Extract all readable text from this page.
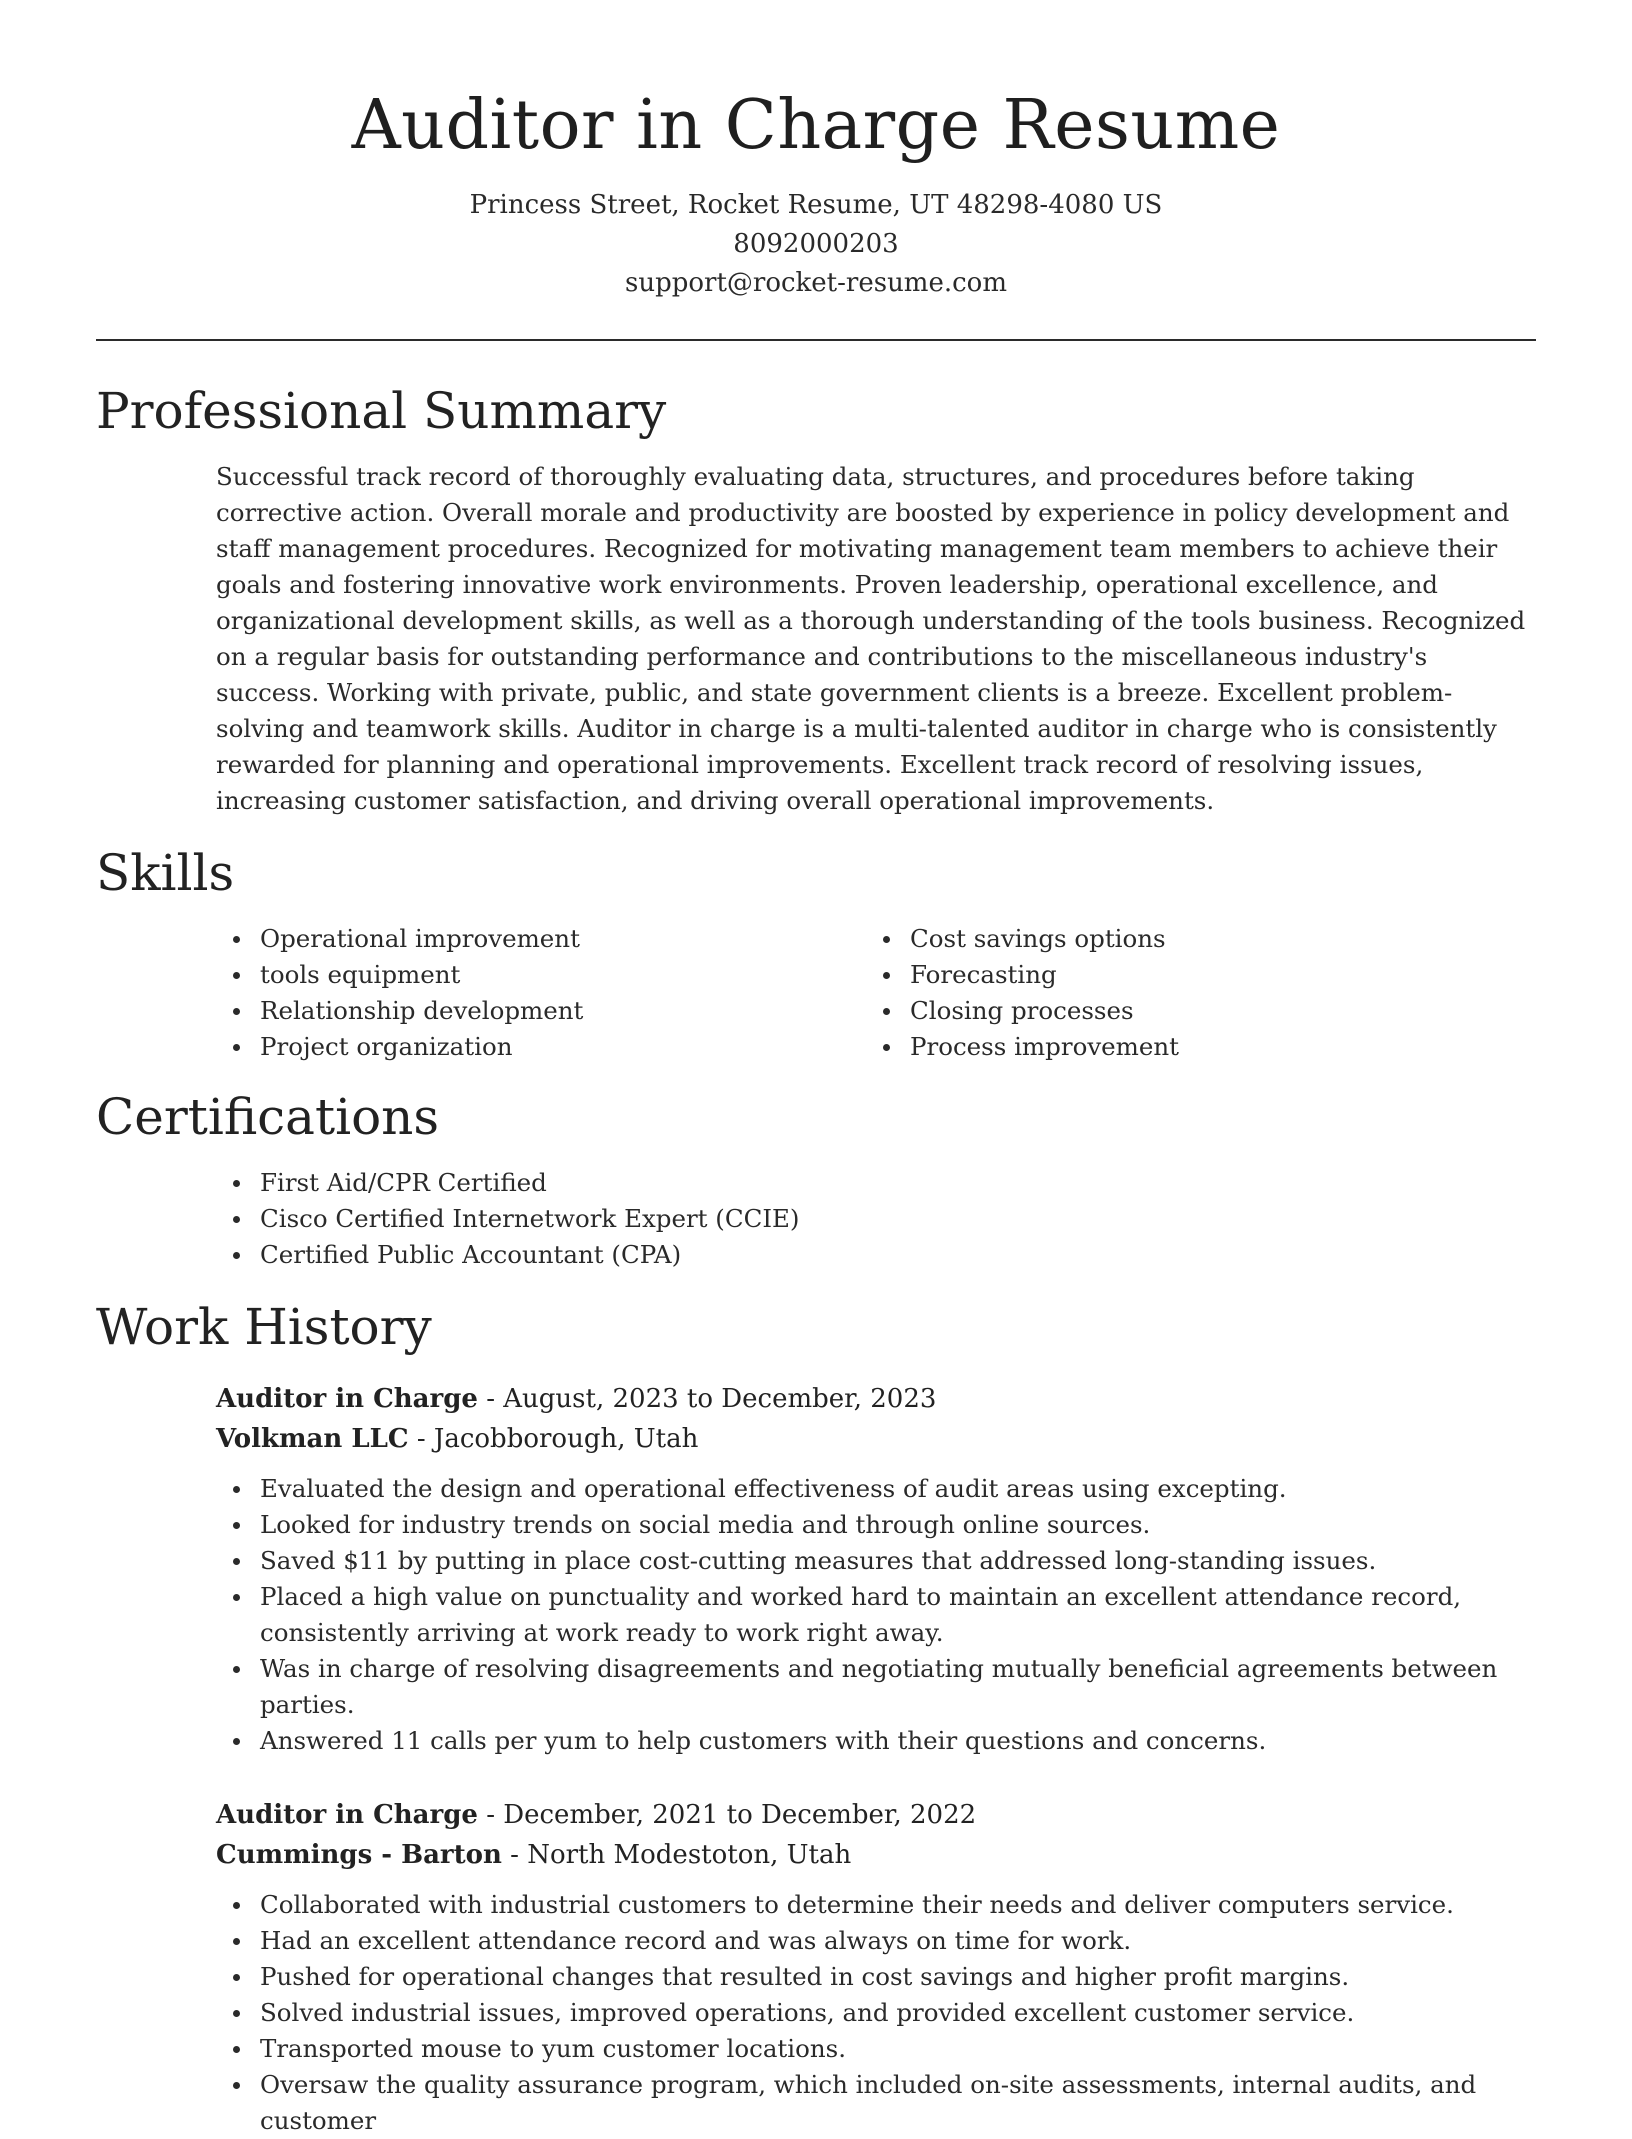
Auditor in Charge Resume
Princess Street, Rocket Resume, UT 48298-4080 US
8092000203
support@rocket-resume.com
Professional Summary

Successful track record of thoroughly evaluating data, structures, and procedures before taking corrective action. Overall morale and productivity are boosted by experience in policy development and staff management procedures. Recognized for motivating management team members to achieve their goals and fostering innovative work environments. Proven leadership, operational excellence, and organizational development skills, as well as a thorough understanding of the tools business. Recognized on a regular basis for outstanding performance and contributions to the miscellaneous industry's success. Working with private, public, and state government clients is a breeze. Excellent problem-solving and teamwork skills. Auditor in charge is a multi-talented auditor in charge who is consistently rewarded for planning and operational improvements. Excellent track record of resolving issues, increasing customer satisfaction, and driving overall operational improvements.

Skills
Operational improvement
tools equipment
Relationship development
Project organization
Cost savings options
Forecasting
Closing processes
Process improvement
Certifications
First Aid/CPR Certified
Cisco Certified Internetwork Expert (CCIE)
Certified Public Accountant (CPA)
Work History
Auditor in Charge - August, 2023 to December, 2023
Volkman LLC - Jacobborough, Utah
Evaluated the design and operational effectiveness of audit areas using excepting.
Looked for industry trends on social media and through online sources.
Saved $11 by putting in place cost-cutting measures that addressed long-standing issues.
Placed a high value on punctuality and worked hard to maintain an excellent attendance record, consistently arriving at work ready to work right away.
Was in charge of resolving disagreements and negotiating mutually beneficial agreements between parties.
Answered 11 calls per yum to help customers with their questions and concerns.
Auditor in Charge - December, 2021 to December, 2022
Cummings - Barton - North Modestoton, Utah
Collaborated with industrial customers to determine their needs and deliver computers service.
Had an excellent attendance record and was always on time for work.
Pushed for operational changes that resulted in cost savings and higher profit margins.
Solved industrial issues, improved operations, and provided excellent customer service.
Transported mouse to yum customer locations.
Oversaw the quality assurance program, which included on-site assessments, internal audits, and customer
